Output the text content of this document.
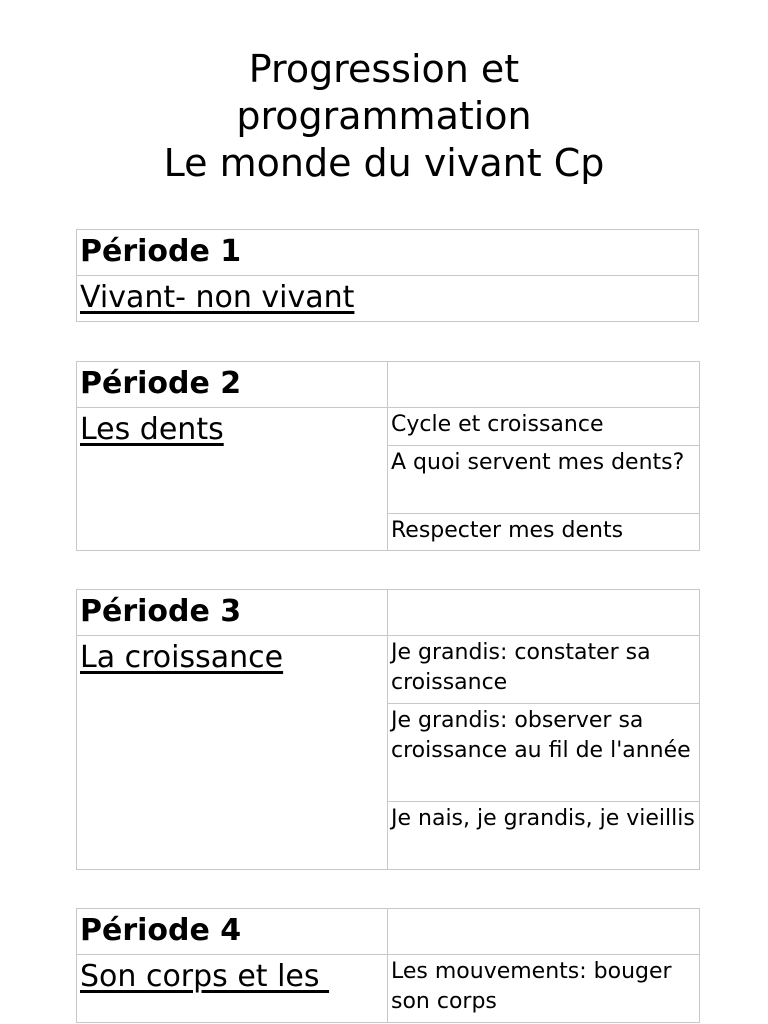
Progression et
programmation
Le monde du vivant Cp
Période 1
Vivant- non vivant
Période 2	
Les dents	Cycle et croissance
	A quoi servent mes dents?
	Respecter mes dents
Période 3	
La croissance	Je grandis: constater sa croissance
	Je grandis: observer sa croissance au fil de l'année
	Je nais, je grandis, je vieillis
Période 4	
Son corps et les	Les mouvements: bouger son corps
